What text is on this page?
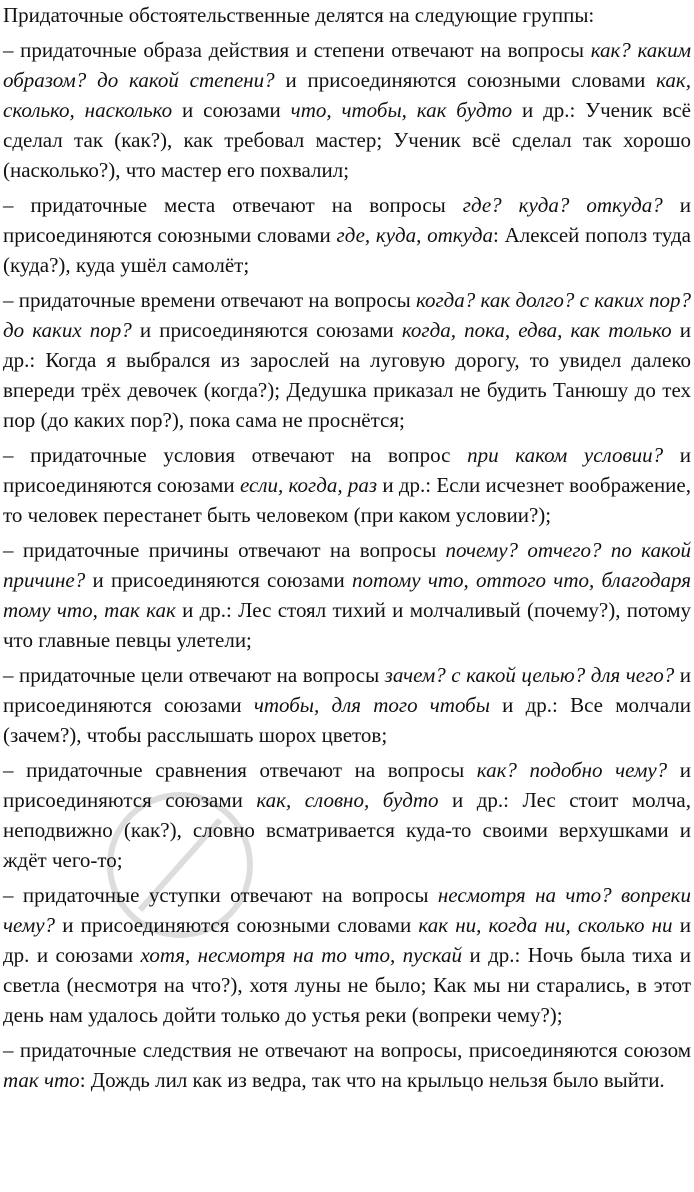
Придаточные обстоятельственные делятся на следующие группы:

– придаточные образа действия и степени отвечают на вопросы как? каким образом? до какой степени? и присоединяются союзными словами как, сколько, насколько и союзами что, чтобы, как будто и др.: Ученик всё сделал так (как?), как требовал мастер; Ученик всё сделал так хорошо (насколько?), что мастер его похвалил;

– придаточные места отвечают на вопросы где? куда? откуда? и присоединяются союзными словами где, куда, откуда: Алексей пополз туда (куда?), куда ушёл самолёт;

– придаточные времени отвечают на вопросы когда? как долго? с каких пор? до каких пор? и присоединяются союзами когда, пока, едва, как только и др.: Когда я выбрался из зарослей на луговую дорогу, то увидел далеко впереди трёх девочек (когда?); Дедушка приказал не будить Танюшу до тех пор (до каких пор?), пока сама не проснётся;

– придаточные условия отвечают на вопрос при каком условии? и присоединяются союзами если, когда, раз и др.: Если исчезнет воображение, то человек перестанет быть человеком (при каком условии?);

– придаточные причины отвечают на вопросы почему? отчего? по какой причине? и присоединяются союзами потому что, оттого что, благодаря тому что, так как и др.: Лес стоял тихий и молчаливый (почему?), потому что главные певцы улетели;

– придаточные цели отвечают на вопросы зачем? с какой целью? для чего? и присоединяются союзами чтобы, для того чтобы и др.: Все молчали (зачем?), чтобы расслышать шорох цветов;

– придаточные сравнения отвечают на вопросы как? подобно чему? и присоединяются союзами как, словно, будто и др.: Лес стоит молча, неподвижно (как?), словно всматривается куда-то своими верхушками и ждёт чего-то;

– придаточные уступки отвечают на вопросы несмотря на что? вопреки чему? и присоединяются союзными словами как ни, когда ни, сколько ни и др. и союзами хотя, несмотря на то что, пускай и др.: Ночь была тиха и светла (несмотря на что?), хотя луны не было; Как мы ни старались, в этот день нам удалось дойти только до устья реки (вопреки чему?);

– придаточные следствия не отвечают на вопросы, присоединяются союзом так что: Дождь лил как из ведра, так что на крыльцо нельзя было выйти.
